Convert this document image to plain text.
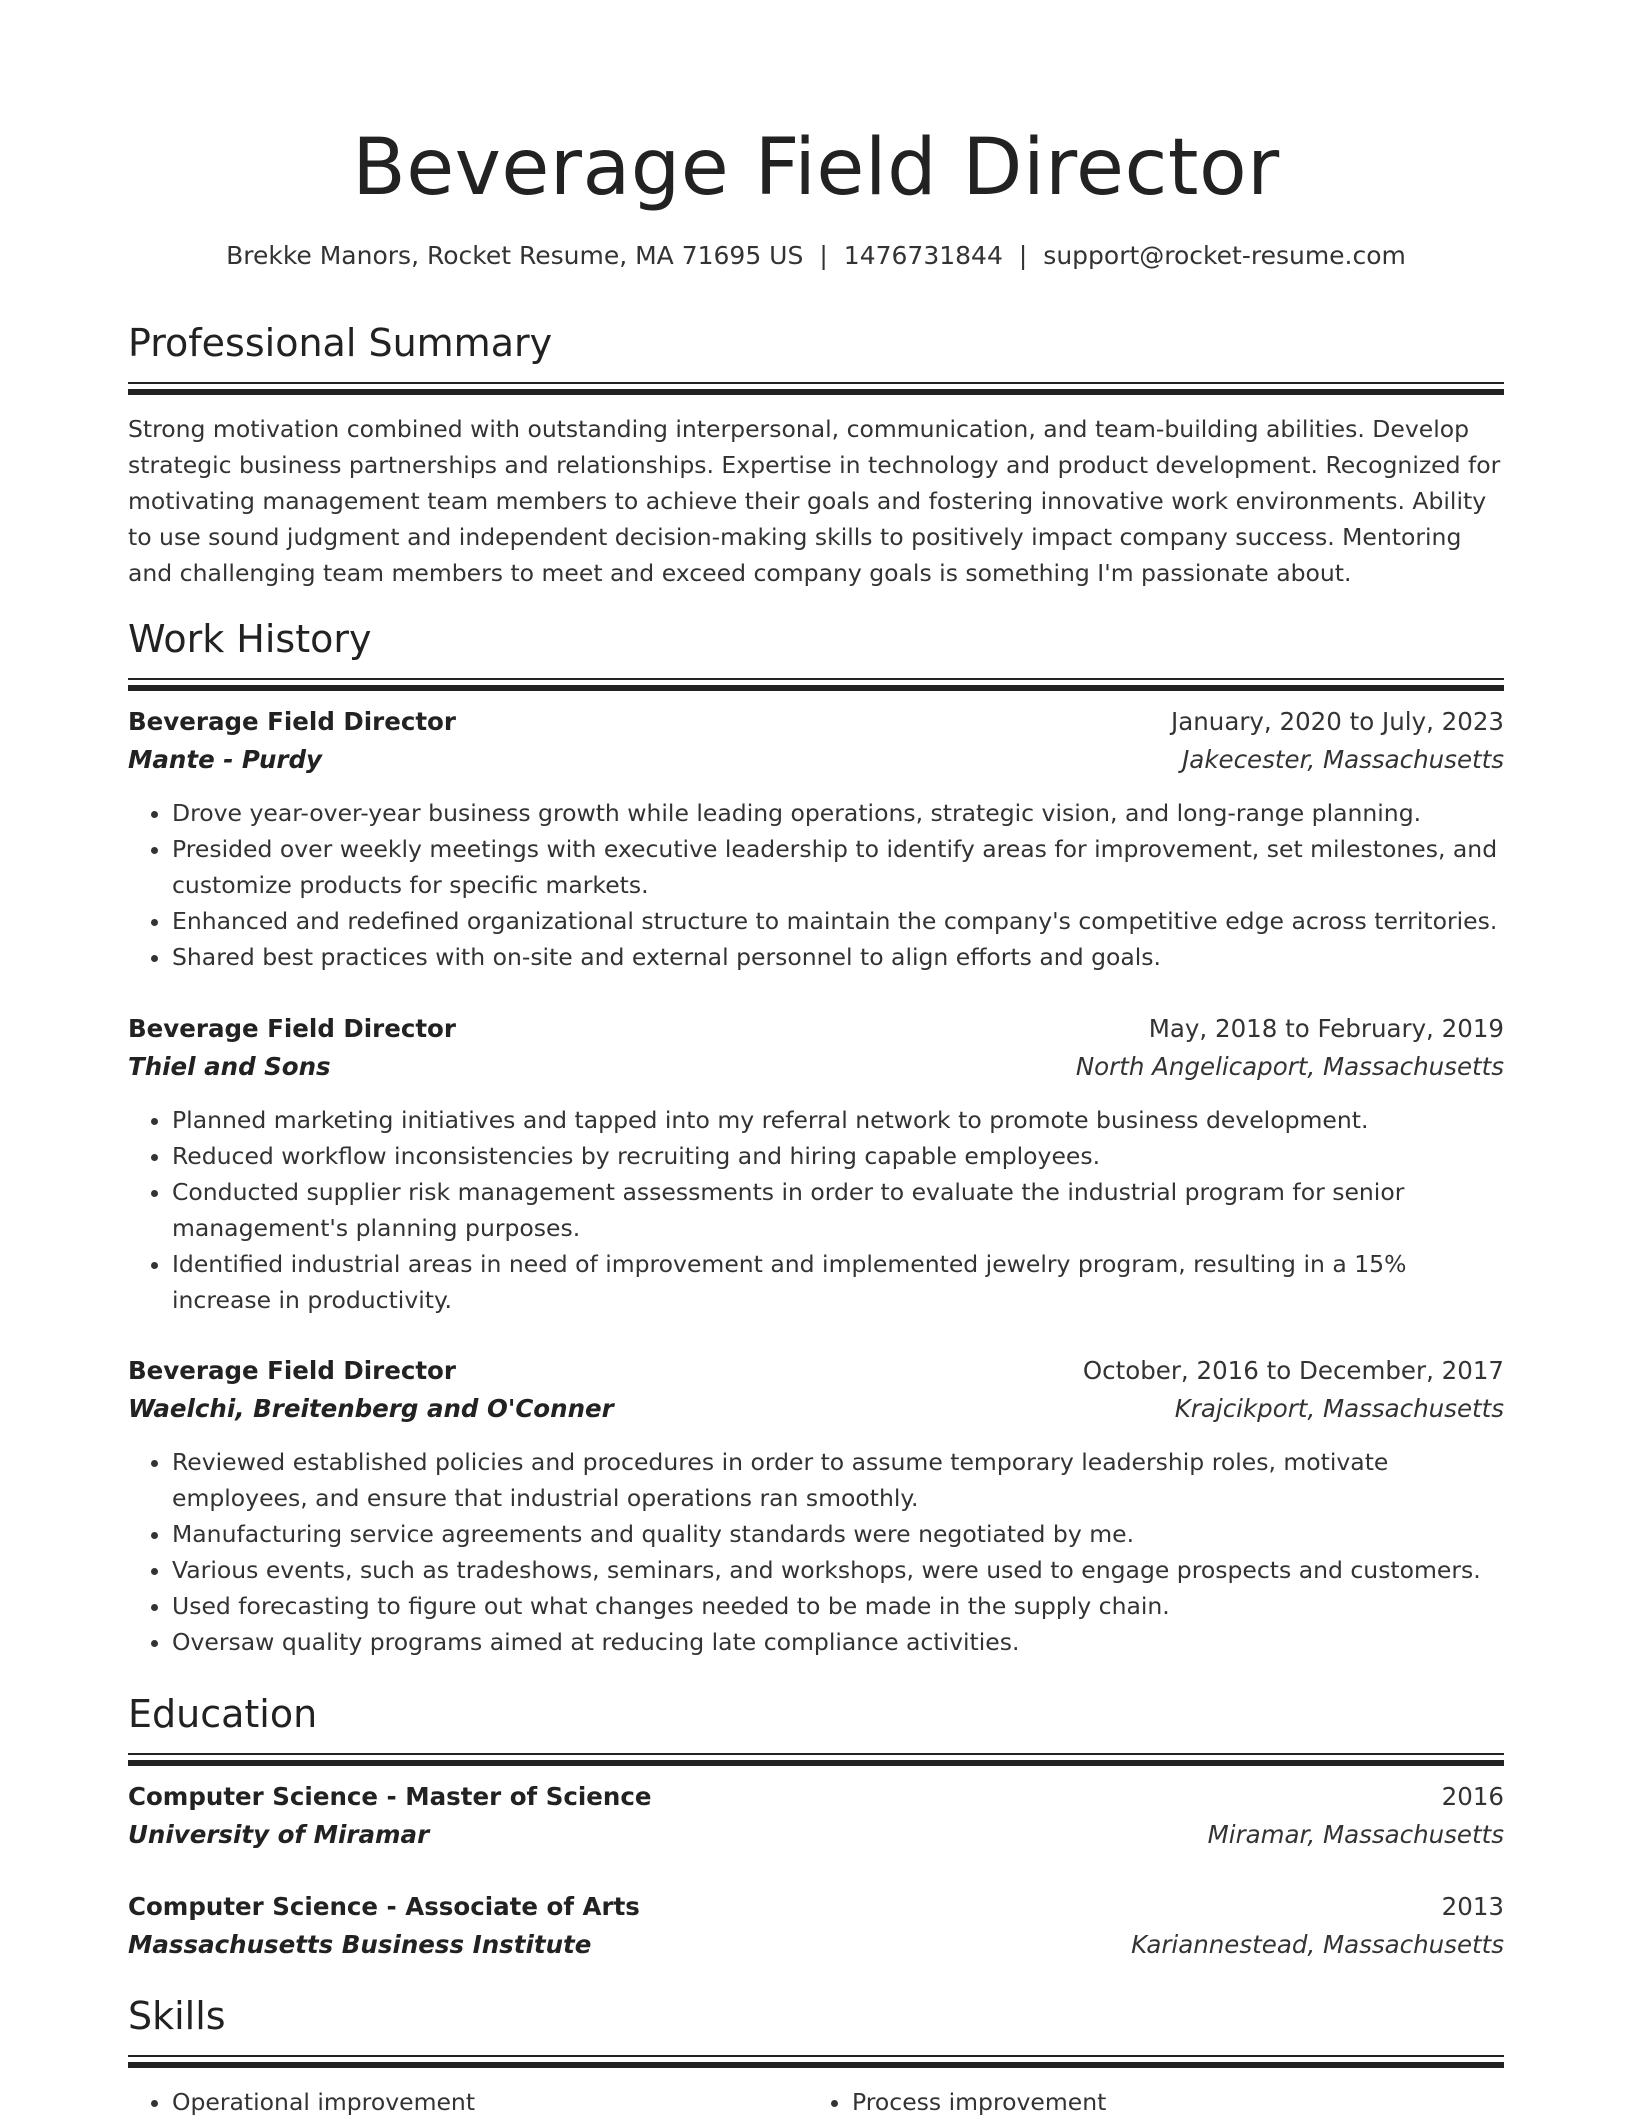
Beverage Field Director
Brekke Manors, Rocket Resume, MA 71695 US | 1476731844 | support@rocket-resume.com
Professional Summary
Strong motivation combined with outstanding interpersonal, communication, and team-building abilities. Develop strategic business partnerships and relationships. Expertise in technology and product development. Recognized for motivating management team members to achieve their goals and fostering innovative work environments. Ability to use sound judgment and independent decision-making skills to positively impact company success. Mentoring and challenging team members to meet and exceed company goals is something I'm passionate about.
Work History
Beverage Field Director	January, 2020 to July, 2023
Mante - Purdy	Jakecester, Massachusetts
• Drove year-over-year business growth while leading operations, strategic vision, and long-range planning.
• Presided over weekly meetings with executive leadership to identify areas for improvement, set milestones, and customize products for specific markets.
• Enhanced and redefined organizational structure to maintain the company's competitive edge across territories.
• Shared best practices with on-site and external personnel to align efforts and goals.
Beverage Field Director	May, 2018 to February, 2019
Thiel and Sons	North Angelicaport, Massachusetts
• Planned marketing initiatives and tapped into my referral network to promote business development.
• Reduced workflow inconsistencies by recruiting and hiring capable employees.
• Conducted supplier risk management assessments in order to evaluate the industrial program for senior management's planning purposes.
• Identified industrial areas in need of improvement and implemented jewelry program, resulting in a 15% increase in productivity.
Beverage Field Director	October, 2016 to December, 2017
Waelchi, Breitenberg and O'Conner	Krajcikport, Massachusetts
• Reviewed established policies and procedures in order to assume temporary leadership roles, motivate employees, and ensure that industrial operations ran smoothly.
• Manufacturing service agreements and quality standards were negotiated by me.
• Various events, such as tradeshows, seminars, and workshops, were used to engage prospects and customers.
• Used forecasting to figure out what changes needed to be made in the supply chain.
• Oversaw quality programs aimed at reducing late compliance activities.
Education
Computer Science - Master of Science	2016
University of Miramar	Miramar, Massachusetts
Computer Science - Associate of Arts	2013
Massachusetts Business Institute	Kariannestead, Massachusetts
Skills
• Operational improvement
•	Process improvement
